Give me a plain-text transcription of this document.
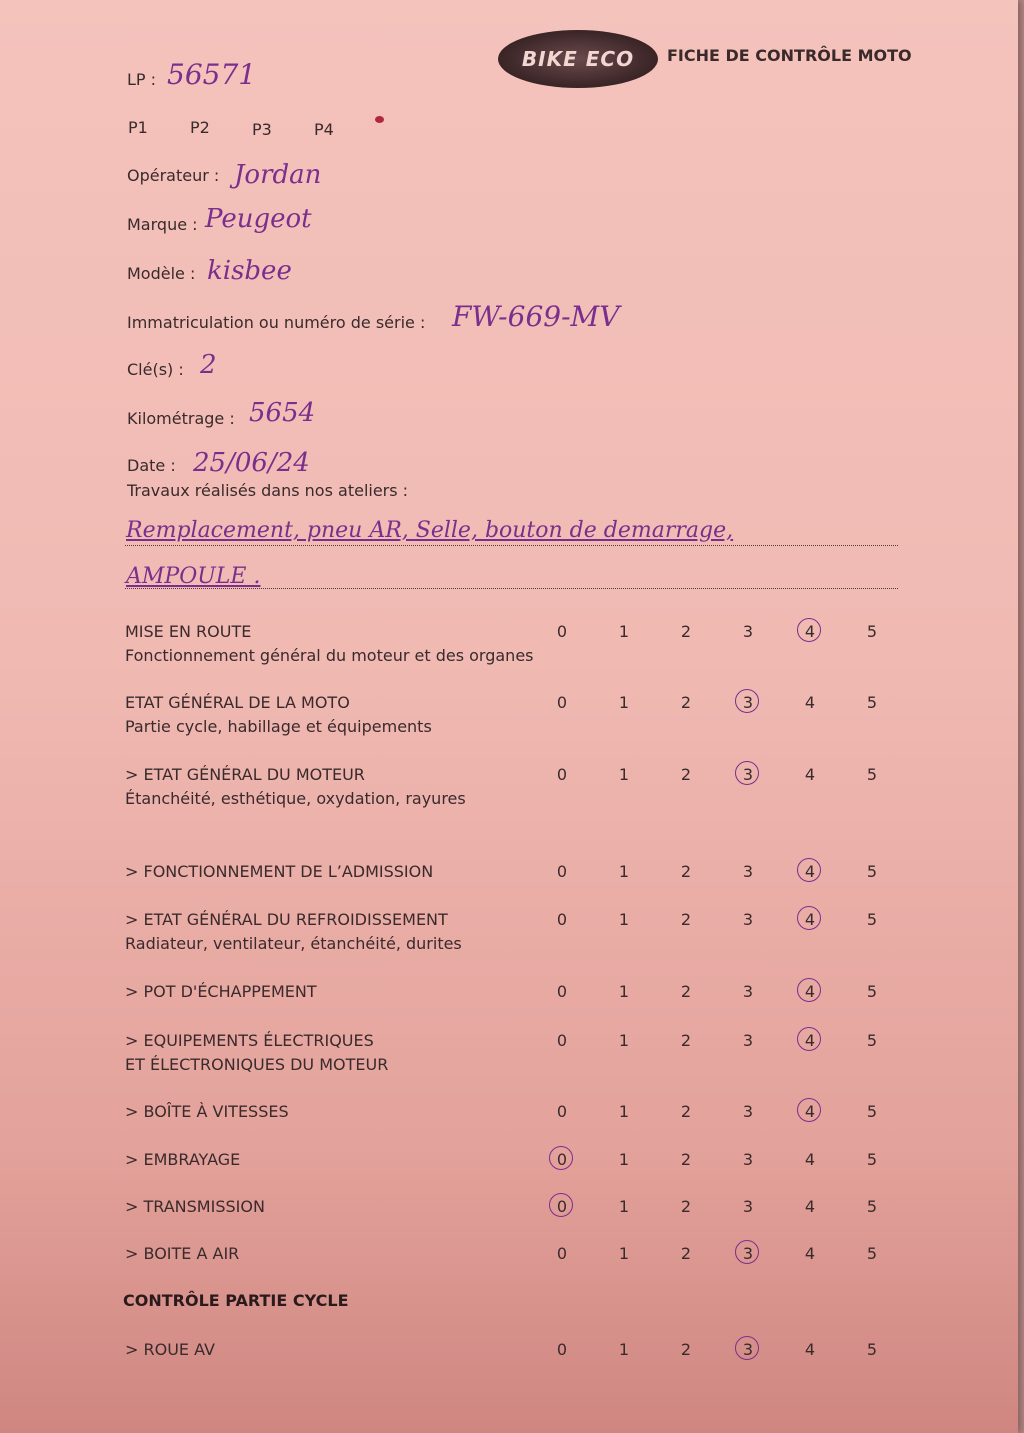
BIKE ECO FICHE DE CONTRÔLE MOTO
LP : 56571
P1	P2	P3	P4
Opérateur : Jordan
Marque : Peugeot
Modèle : kisbee
Immatriculation ou numéro de série : FW-669-MV
Clé(s) : 2
Kilométrage : 5654
Date : 25/06/24
Travaux réalisés dans nos ateliers :
Remplacement, pneu AR, Selle, bouton de demarrage,
AMPOULE .
MISE EN ROUTE
Fonctionnement général du moteur et des organes
0	1	2	3	4	5
ETAT GÉNÉRAL DE LA MOTO
Partie cycle, habillage et équipements
0	1	2	3	4	5
> ETAT GÉNÉRAL DU MOTEUR
Étanchéité, esthétique, oxydation, rayures
0	1	2	3	4	5
> FONCTIONNEMENT DE L’ADMISSION	0	1	2	3	4	5
> ETAT GÉNÉRAL DU REFROIDISSEMENT
Radiateur, ventilateur, étanchéité, durites
0	1	2	3	4	5
> POT D'ÉCHAPPEMENT	0	1	2	3	4	5
> EQUIPEMENTS ÉLECTRIQUES
ET ÉLECTRONIQUES DU MOTEUR
0	1	2	3	4	5
> BOÎTE À VITESSES	0	1	2	3	4	5
> EMBRAYAGE	0	1	2	3	4	5
> TRANSMISSION	0	1	2	3	4	5
> BOITE A AIR	0	1	2	3	4	5
CONTRÔLE PARTIE CYCLE
> ROUE AV	0	1	2	3	4	5
